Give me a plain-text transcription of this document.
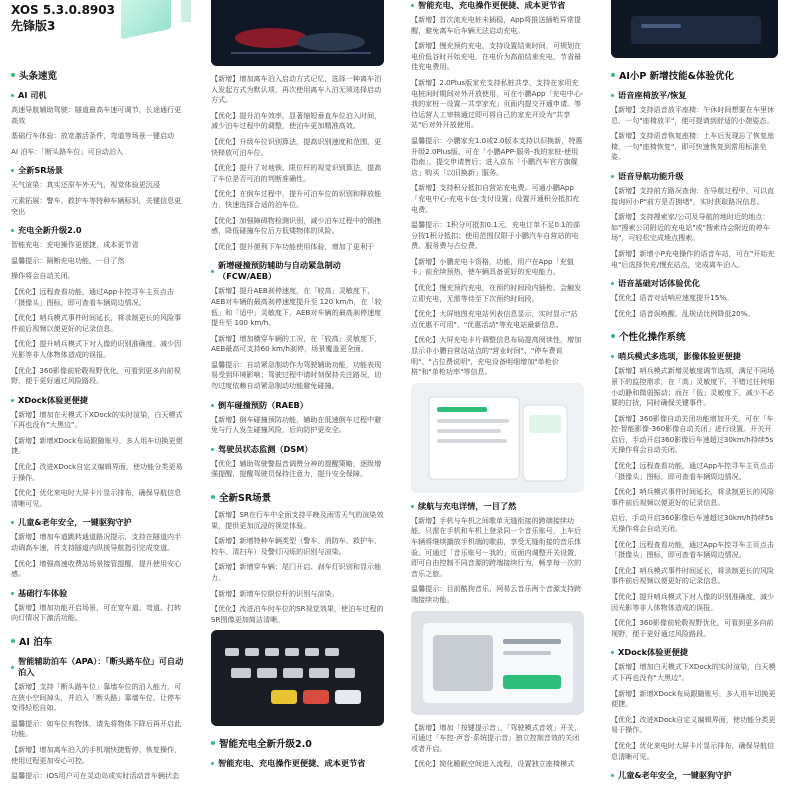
XOS 5.3.0.8903
先锋版3
头条速览
AI 司机

高速导航辅助驾驶：隧道最高车速可调节，长途通行更高效

基础行车体验：放宽激活条件，弯道等场景一键启动

AI 泊车：「断头路车位」可自动泊入

全新SR场景

天气渲染：真实还原车外天气，视觉体验更沉浸

元素拓展：警车、救护车等特种车辆标识，关键信息更突出

充电全新升级2.0

智能充电：充电操作更便捷，成本更节省

温馨提示：隔断充电功能，一目了然

操作将会自动关闭。

【优化】远程查看功能，通过App卡控寻车主页点击「摄像头」图标，即可查看车辆周边情况。

【优化】哨兵模式事件时间延长，将录制更长的风险事件前后视频以便更好的记录信息。

【优化】提升哨兵模式下对人像的识别准确度，减少因光影等非人体物体造成的误报。

【优化】360影像前轮毂视野优化，可看到更多向前视野，便于更好通过风险路段。

XDock体验更便捷

【新增】增加在天模式下XDock的实时渲染，白天模式下再也没有"大黑边"。

【新增】新增XDock布局跟随账号，多人用车切换更便捷。

【优化】改进XDock自定义编辑界面，使功能分类更易于操作。

【优化】优化来电时大屏卡片显示排布，确保导航信息清晰可见。

儿童&老年安全，一键驱狗守护

【新增】增加车道跳转通道路况提示，支持在隧道内手动调高车速，并支持隧道内纵援导航指引完成变道。

【优化】增强高速收费站场景接管提醒，提升使用安心感。

基础行车体验

【新增】增加功能开启场景，可在宽车道、弯道、打转向灯情况下激活功能。

AI 泊车
智能辅助泊车（APA）：「断头路车位」可自动泊入

【新增】支持「断头路车位」靠墙车位的泊入能力，可在狭小空间掉头，并泊入「断头路」靠墙车位，让停车变得轻松自如。

温馨提示：如车位有物体，请先将物体下降后再开启此功能。

【新增】增加离车泊入的手机端快捷暂停、恢复操作，使用过程更加安心可控。

温馨提示：iOS用户可在灵动岛或实时活动音车辆状态

【新增】增加离车泊入启动方式记忆，选择一种离车泊入发起方式为默认项，再次使用离车入泊无须选择启动方式。

【优化】提升泊车效率，显著缩短垂直车位泊入时间，减少泊车过程中的调整，使泊车更加精准高效。

【优化】升级车位识别算法，提高识别速度和范围，更快释放可泊车位。

【优化】提升了对地锁、限位杆的视觉识别算法，提高了车位是否可泊的判断准确性。

【优化】在倒车过程中，提升可泊车位的识别和释放能力，快速选择合适的泊车位。

【优化】加强障碍物检测识别，减少泊车过程中的锁挫感，降低碰撞车位后方低矮物体的风险。

【优化】提升便利下车功能使用体验，增加了更利于

新增碰撞预防辅助与自动紧急制动（FCW/AEB）

【新增】提升AEB刹停速度，在「较高」灵敏度下，AEB对车辆的最高刹停速度提升至 120 km/h，在「较低」和「适中」灵敏度下，AEB对车辆的最高刹停速度提升至 100 km/h。

【新增】增加横穿车辆的工况，在「较高」灵敏度下，AEB最高可支持60 km/h刹停，场景覆盖更全面。

温馨提示：自动紧急制动作为驾驶辅助功能，功能表现易受到环境影响；驾驶过程中请时刻保持关注路况，切勿过度依赖自动紧急制动功能避免碰撞。

倒车碰撞预防（RAEB）

【新增】倒车碰撞预防功能，辅助在低速倒车过程中避免与行人发生碰撞风险，后向防护更安全。

驾驶员状态监测（DSM）

【优化】辅助驾驶警报音调赞分神的提醒策略，逐级增强提醒，提醒驾驶员保持注意力，提升安全保障。

全新SR场景

【新增】SR在行车中全面支持平晚及雨雪天气的渲染效果，提供更加沉浸的视觉体验。

【新增】新增特种车辆类型（警车、消防车、救护车、校车、清扫车）及警灯闪烁的识别与渲染。

【新增】新增穿车辆：尾门开启、刹车灯识别和显示能力。

【新增】新增车位限位杆的识别与渲染。

【优化】改进泊车时车位的SR视觉效果，使泊车过程的SR图像更加简洁清晰。

智能充电全新升级2.0
智能充电、充电操作更便捷、成本更节省
智能充电、充电操作更便捷、成本更节省

【新增】首次流充电桩未插稳，App将推送插枪异常提醒，避免离车后车辆无法启动充电。

【新增】慢充预约充电，支持设置结束时间，可规划在电价低谷时开始充电，在电价为高前结束充电，节省最佳充电费用。

【新增】2.0Plus版家充支持私桩共享，支持在家用充电桩闲时期间对外开放使用，可在小鹏App「充电中心-我的家桩－设置－共享家充」页面内提交开通申请。等待运营人工审核通过即可将自己的家充开设为"共享站"后对外开放使用。

温馨提示：小鹏家充1.0或2.0版本支持以旧换新，特惠升级2.0Plus版，可在「小鹏APP-服务-我的家桩-使用指南」，提交申请售后；进入京东「小鹏汽车官方旗舰店」购买「以旧换新」服务。

【新增】支持积分抵扣自营站充电费。可通小鹏App「充电中心-充电卡包-支付设置」设置开通积分抵扣充电费。

温馨提示：1积分可抵扣0.1元，充电订单不足0.1的部分按1积分抵扣；使用范围仅限于小鹏汽车自营站的电费、服务费与占位费。

【新增】小鹏充电卡资格，功能，用户在App「充值卡」前充续预热，使车辆具备更好的充电能力。

【优化】慢充预约充电，在预约时间段内插枪、会触发立即充电，无需等待至下次预约时间段。

【优化】大屏地图充电站列表信息显示，实时显示"站点优惠不可用"、"优惠活动"等充电站最新信息。

【优化】大屏充电卡片调整信息布局提高阅读性，增加显示非小鹏自营站站点的"营业时间"、"停车费说明"、"占位费说明"，充电设备明细增加"单枪价格"和"单枪功率"等信息。

续航与充电详情，一目了然

【新增】手机与车机之间歌单无缝衔接的跨端接续功能，只需在手机和车机上登录同一个音乐账号，上车后车辆将继续播放手机端的歌曲，享受无缝衔接的音乐体验。可通过「音乐账号－我的」页面内调整开关设置，即可自由控制不同音源的跨端接续行为，畅享每一次的音乐之旅。

温馨提示：目前酷狗音乐、网易云音乐两个音源支持跨端接续功能。

【新增】增加「按键提示音」、「驾驶模式音效」开关，可通过「车控-声音-系统提示音」独立控制音效的关闭或者开启。

【优化】简化睡眠空间进入流程，设置独立座椅模式

AI小P 新增技能&体验优化
语音座椅放平/恢复

【新增】支持语音放平座椅：午休时间想要在车里休息，一句"座椅放平"，便可提请到舒适的小憩姿态。

【新增】支持语音恢复座椅：上车后发现忘了恢复座椅，一句"座椅恢复"，即可快速恢复到常用标准坐姿。

语音导航功能升级

【新增】支持前方路况查询：在导航过程中，可以直接询问小P"前方是否拥堵"，实时获取路况信息。

【新增】支持搜索家/公司及导航的地时近的地点：如"搜索公司附近的充电站"或"搜索待会附近的停车场"，可轻松完成地点搜索。

【新增】新增小P充电操作的语音车站，可在"开始充电"后选择快充/慢充站点，完成离车泊入。

语音基础对话体验优化

【优化】语音对话响应速度提升15%。

【优化】语音误唤醒、乱规话比例降低20%。

个性化操作系统
哨兵模式多选项，影像体验更便捷

【新增】哨兵模式新增灵敏度调节选项，满足不同场景下的监控需求，在「高」灵敏度下，不错过任何细小动静和微弱振动；而在「低」灵敏度下，减少不必要的打扰，同时确保关键事件。

【新增】360影像自动关闭功能增加开关，可在「车控-智能影像-360影像自动关闭」进行设置。开关开启后，手动开启360影像后车速超过30km/h持续5s无操作将会自动关闭。

【优化】远程查看功能，通过App车控寻车主页点击「摄像头」图标，即可查看车辆周边情况。

【优化】哨兵模式事件时间延长，将录制更长的风险事件前后视频以便更好的记录信息。

启后，手动开启360影像后车速超过30km/h持续5s无操作将会自动关闭。

【优化】远程查看功能，通过App车控寻车主页点击「摄像头」图标，即可查看车辆周边情况。

【优化】哨兵模式事件时间延长，将录制更长的风险事件前后视频以便更好的记录信息。

【优化】提升哨兵模式下对人像的识别准确度，减少因光影等非人体物体造成的误报。

【优化】360影像前轮毂视野优化，可看到更多向前视野，便于更好通过风险路段。

XDock体验更便捷

【新增】增加白天模式下XDock的实时渲染，白天模式下再也没有"大黑边"。

【新增】新增XDock布局跟随账号，多人用车切换更便捷。

【优化】改进XDock自定义编辑界面，使功能分类更易于操作。

【优化】优化来电时大屏卡片显示排布，确保导航信息清晰可见。

儿童&老年安全，一键驱狗守护
